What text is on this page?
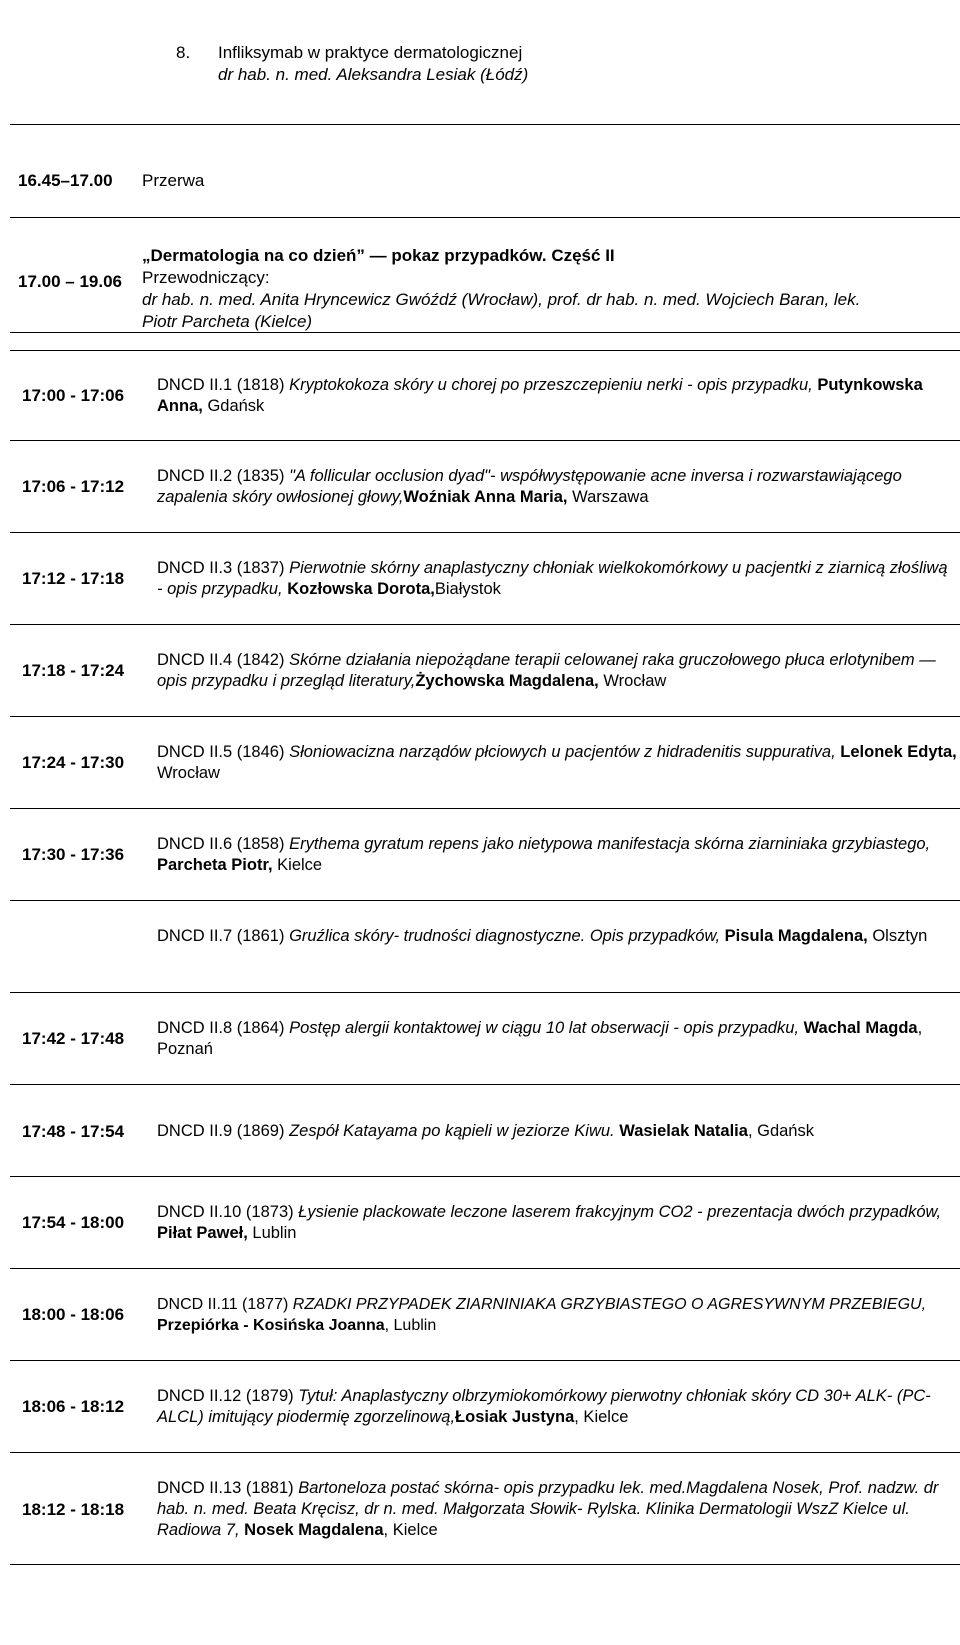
8. Infliksymab w praktyce dermatologicznej
dr hab. n. med. Aleksandra Lesiak (Łódź)
16.45–17.00 Przerwa
17.00 – 19.06
„Dermatologia na co dzień” — pokaz przypadków. Część II
Przewodniczący:
dr hab. n. med. Anita Hryncewicz Gwóźdź (Wrocław), prof. dr hab. n. med. Wojciech Baran, lek.
Piotr Parcheta (Kielce)
17:00 - 17:06
DNCD II.1 (1818) Kryptokokoza skóry u chorej po przeszczepieniu nerki - opis przypadku, Putynkowska Anna, Gdańsk
17:06 - 17:12
DNCD II.2 (1835) "A follicular occlusion dyad"- współwystępowanie acne inversa i rozwarstawiającego zapalenia skóry owłosionej głowy,Woźniak Anna Maria, Warszawa
17:12 - 17:18
DNCD II.3 (1837) Pierwotnie skórny anaplastyczny chłoniak wielkokomórkowy u pacjentki z ziarnicą złośliwą - opis przypadku, Kozłowska Dorota,Białystok
17:18 - 17:24
DNCD II.4 (1842) Skórne działania niepożądane terapii celowanej raka gruczołowego płuca erlotynibem — opis przypadku i przegląd literatury,Żychowska Magdalena, Wrocław
17:24 - 17:30
DNCD II.5 (1846) Słoniowacizna narządów płciowych u pacjentów z hidradenitis suppurativa, Lelonek Edyta, Wrocław
17:30 - 17:36
DNCD II.6 (1858) Erythema gyratum repens jako nietypowa manifestacja skórna ziarniniaka grzybiastego, Parcheta Piotr, Kielce
DNCD II.7 (1861) Gruźlica skóry- trudności diagnostyczne. Opis przypadków, Pisula Magdalena, Olsztyn
17:42 - 17:48
DNCD II.8 (1864) Postęp alergii kontaktowej w ciągu 10 lat obserwacji - opis przypadku, Wachal Magda, Poznań
17:48 - 17:54 DNCD II.9 (1869) Zespół Katayama po kąpieli w jeziorze Kiwu. Wasielak Natalia, Gdańsk
17:54 - 18:00
DNCD II.10 (1873) Łysienie plackowate leczone laserem frakcyjnym CO2 - prezentacja dwóch przypadków, Piłat Paweł, Lublin
18:00 - 18:06
DNCD II.11 (1877) RZADKI PRZYPADEK ZIARNINIAKA GRZYBIASTEGO O AGRESYWNYM PRZEBIEGU, Przepiórka - Kosińska Joanna, Lublin
18:06 - 18:12
DNCD II.12 (1879) Tytuł: Anaplastyczny olbrzymiokomórkowy pierwotny chłoniak skóry CD 30+ ALK- (PC-ALCL) imitujący piodermię zgorzelinową,Łosiak Justyna, Kielce
18:12 - 18:18
DNCD II.13 (1881) Bartoneloza postać skórna- opis przypadku lek. med.Magdalena Nosek, Prof. nadzw. dr hab. n. med. Beata Kręcisz, dr n. med. Małgorzata Słowik- Rylska. Klinika Dermatologii WszZ Kielce ul. Radiowa 7, Nosek Magdalena, Kielce
